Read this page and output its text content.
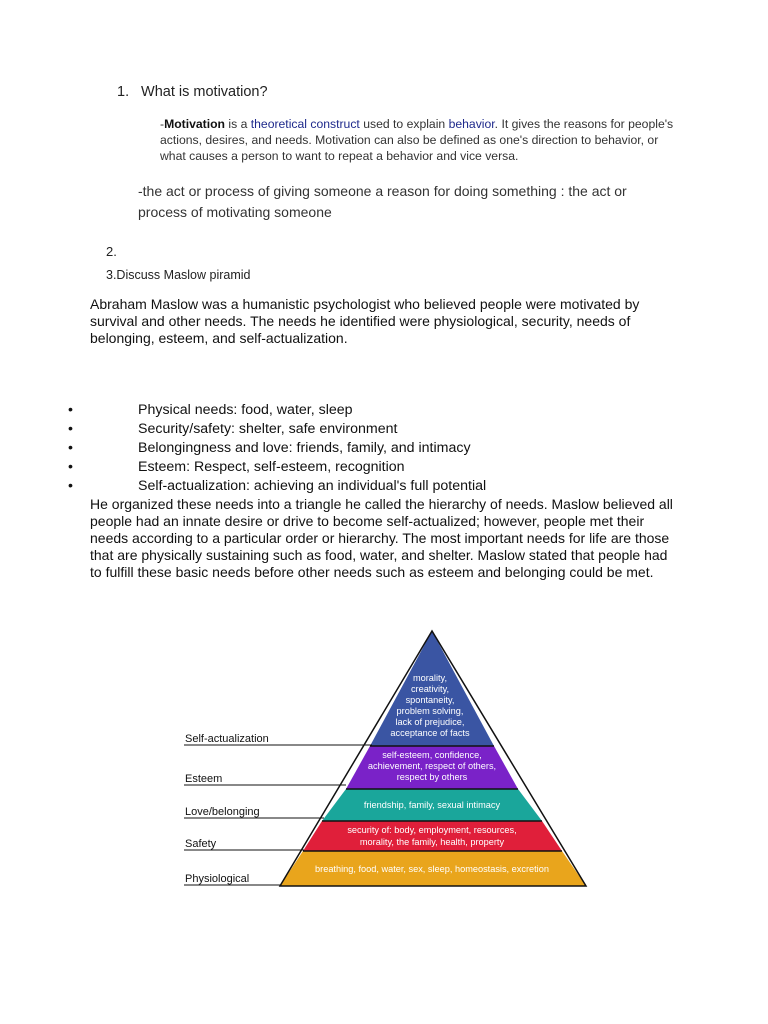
1. What is motivation?
-Motivation is a theoretical construct used to explain behavior. It gives the reasons for people's actions, desires, and needs. Motivation can also be defined as one's direction to behavior, or what causes a person to want to repeat a behavior and vice versa.
-the act or process of giving someone a reason for doing something : the act or process of motivating someone
2.
3.Discuss Maslow piramid
Abraham Maslow was a humanistic psychologist who believed people were motivated by survival and other needs. The needs he identified were physiological, security, needs of belonging, esteem, and self-actualization.
•	Physical needs: food, water, sleep
•	Security/safety: shelter, safe environment
•	Belongingness and love: friends, family, and intimacy
•	Esteem: Respect, self-esteem, recognition
•	Self-actualization: achieving an individual's full potential
He organized these needs into a triangle he called the hierarchy of needs. Maslow believed all people had an innate desire or drive to become self-actualized; however, people met their needs according to a particular order or hierarchy. The most important needs for life are those that are physically sustaining such as food, water, and shelter. Maslow stated that people had to fulfill these basic needs before other needs such as esteem and belonging could be met.
Self-actualization
Esteem
Love/belonging
Safety
Physiological
morality,
creativity,
spontaneity,
problem solving,
lack of prejudice,
acceptance of facts
self-esteem, confidence,
achievement, respect of others,
respect by others
friendship, family, sexual intimacy
security of: body, employment, resources,
morality, the family, health, property
breathing, food, water, sex, sleep, homeostasis, excretion
